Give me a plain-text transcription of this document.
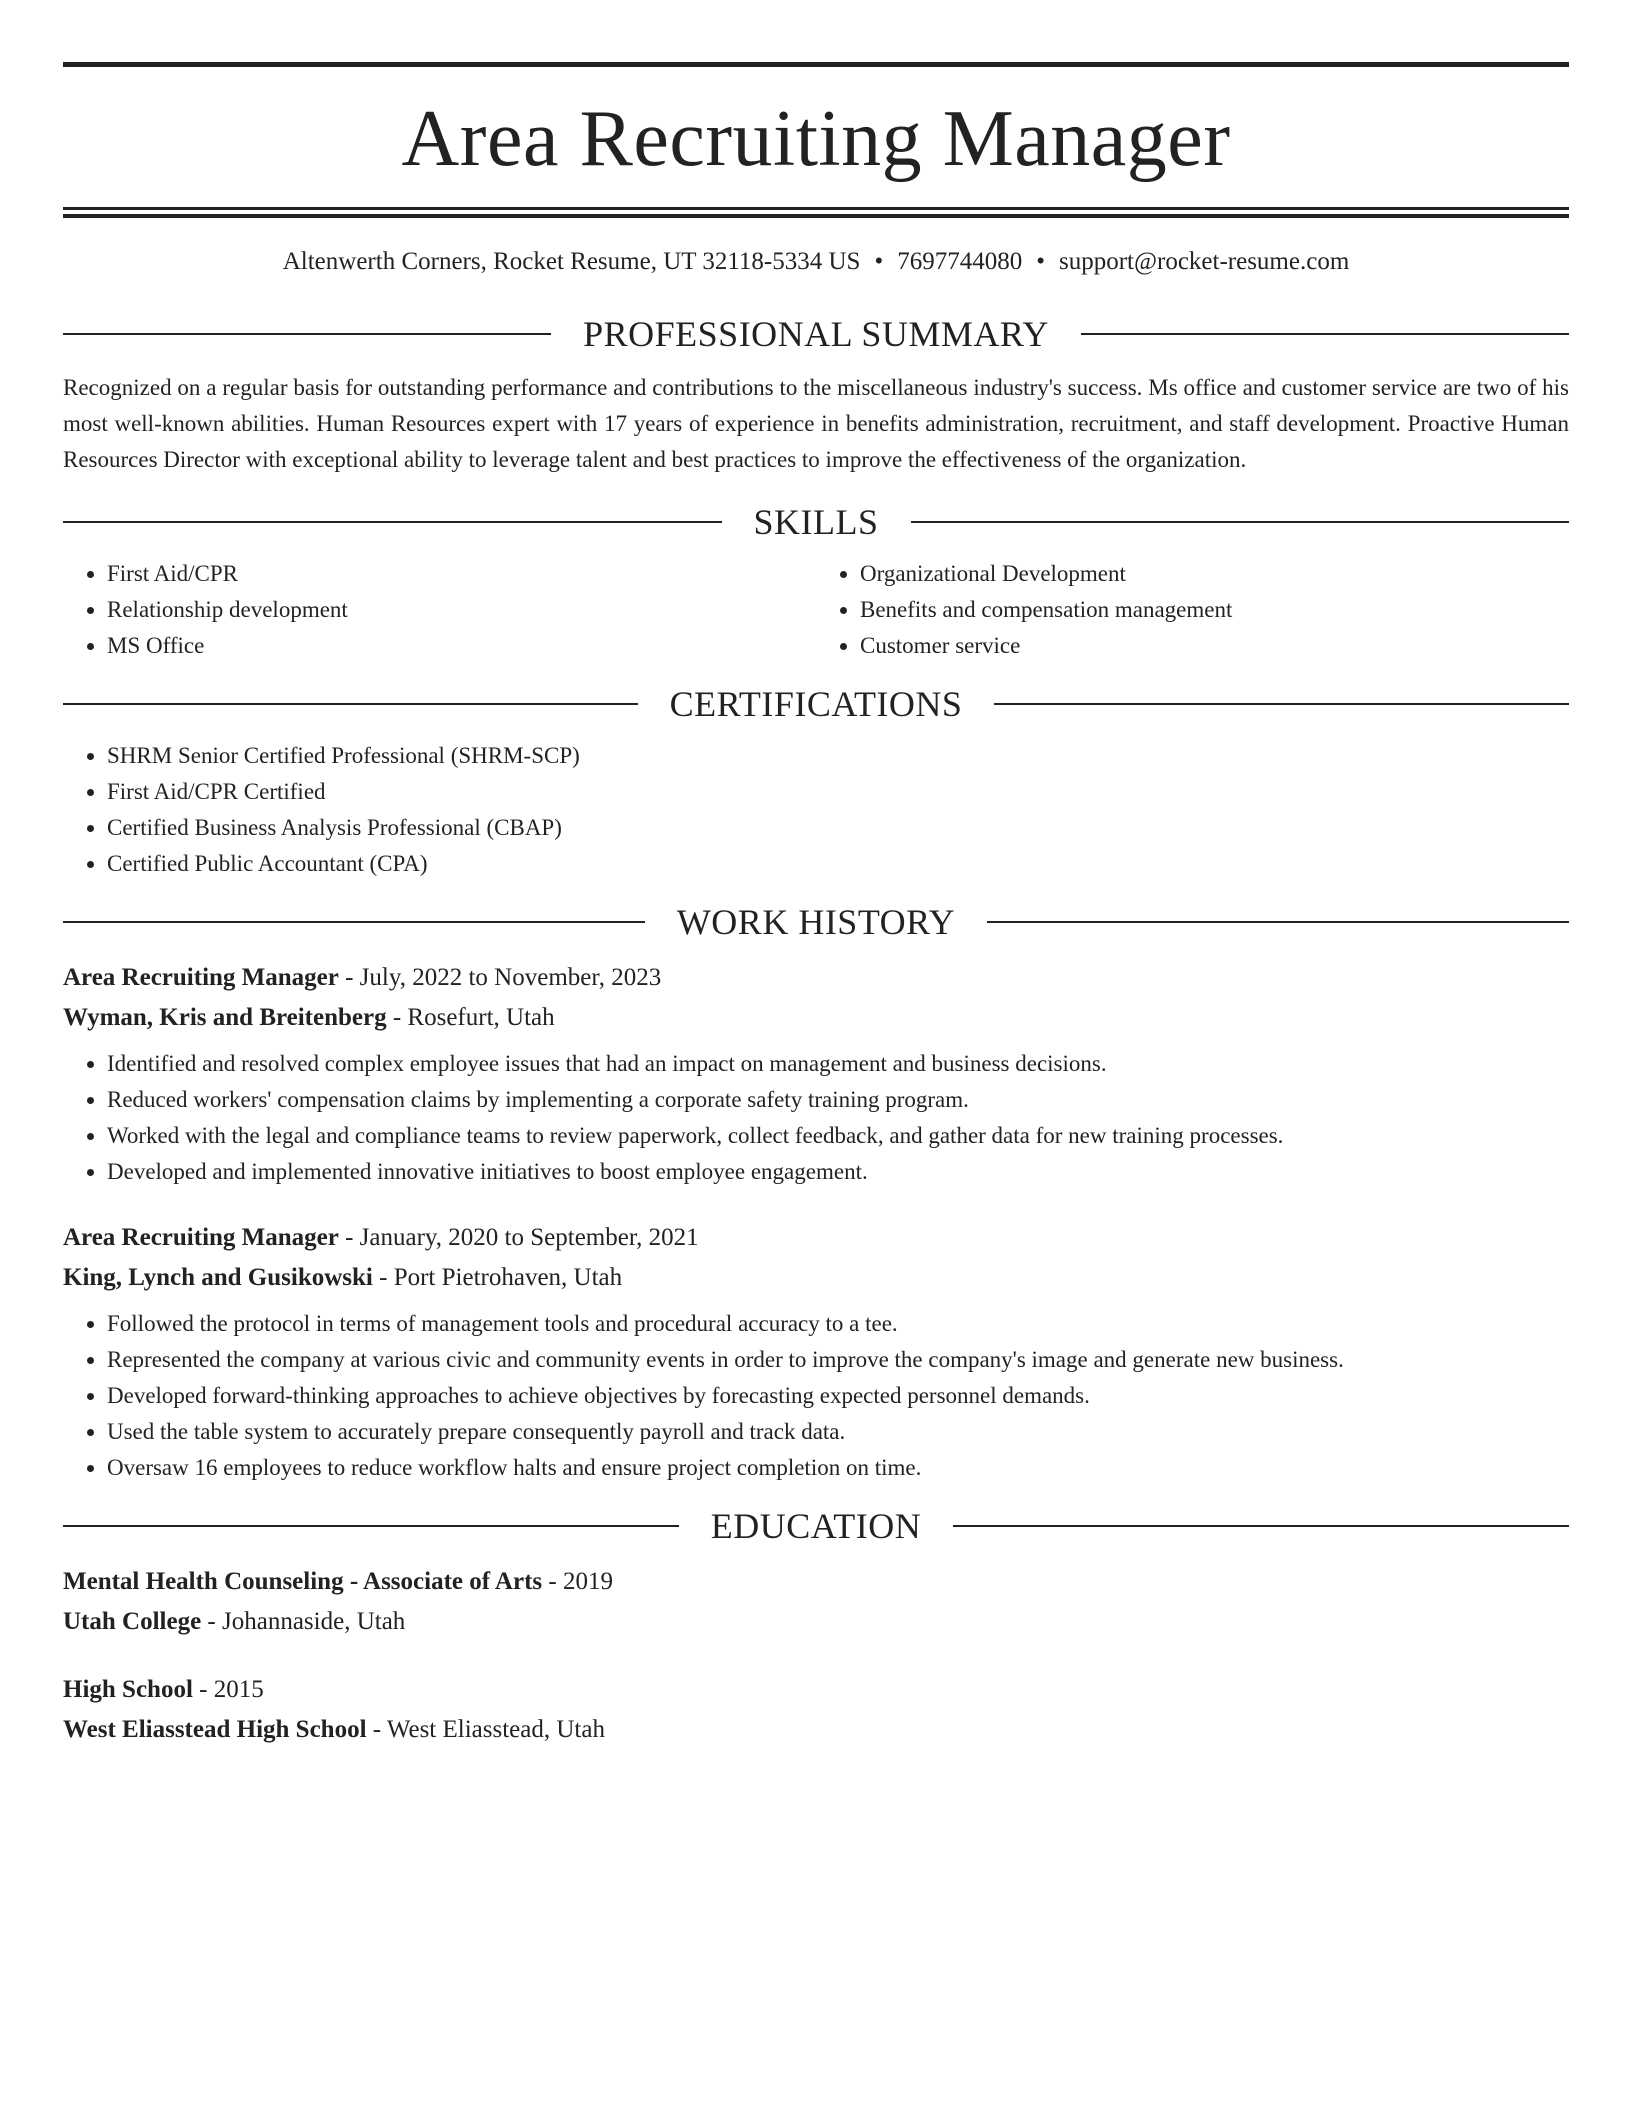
Area Recruiting Manager
Altenwerth Corners, Rocket Resume, UT 32118-5334 US • 7697744080 • support@rocket-resume.com
PROFESSIONAL SUMMARY

Recognized on a regular basis for outstanding performance and contributions to the miscellaneous industry's success. Ms office and customer service are two of his most well-known abilities. Human Resources expert with 17 years of experience in benefits administration, recruitment, and staff development. Proactive Human Resources Director with exceptional ability to leverage talent and best practices to improve the effectiveness of the organization.

SKILLS
• First Aid/CPR
• Relationship development
• MS Office
• Organizational Development
• Benefits and compensation management
• Customer service
CERTIFICATIONS
• SHRM Senior Certified Professional (SHRM-SCP)
• First Aid/CPR Certified
• Certified Business Analysis Professional (CBAP)
• Certified Public Accountant (CPA)
WORK HISTORY
Area Recruiting Manager - July, 2022 to November, 2023
Wyman, Kris and Breitenberg - Rosefurt, Utah
• Identified and resolved complex employee issues that had an impact on management and business decisions.
• Reduced workers' compensation claims by implementing a corporate safety training program.
• Worked with the legal and compliance teams to review paperwork, collect feedback, and gather data for new training processes.
• Developed and implemented innovative initiatives to boost employee engagement.
Area Recruiting Manager - January, 2020 to September, 2021
King, Lynch and Gusikowski - Port Pietrohaven, Utah
• Followed the protocol in terms of management tools and procedural accuracy to a tee.
• Represented the company at various civic and community events in order to improve the company's image and generate new business.
• Developed forward-thinking approaches to achieve objectives by forecasting expected personnel demands.
• Used the table system to accurately prepare consequently payroll and track data.
• Oversaw 16 employees to reduce workflow halts and ensure project completion on time.
EDUCATION
Mental Health Counseling - Associate of Arts - 2019
Utah College - Johannaside, Utah
High School - 2015
West Eliasstead High School - West Eliasstead, Utah
